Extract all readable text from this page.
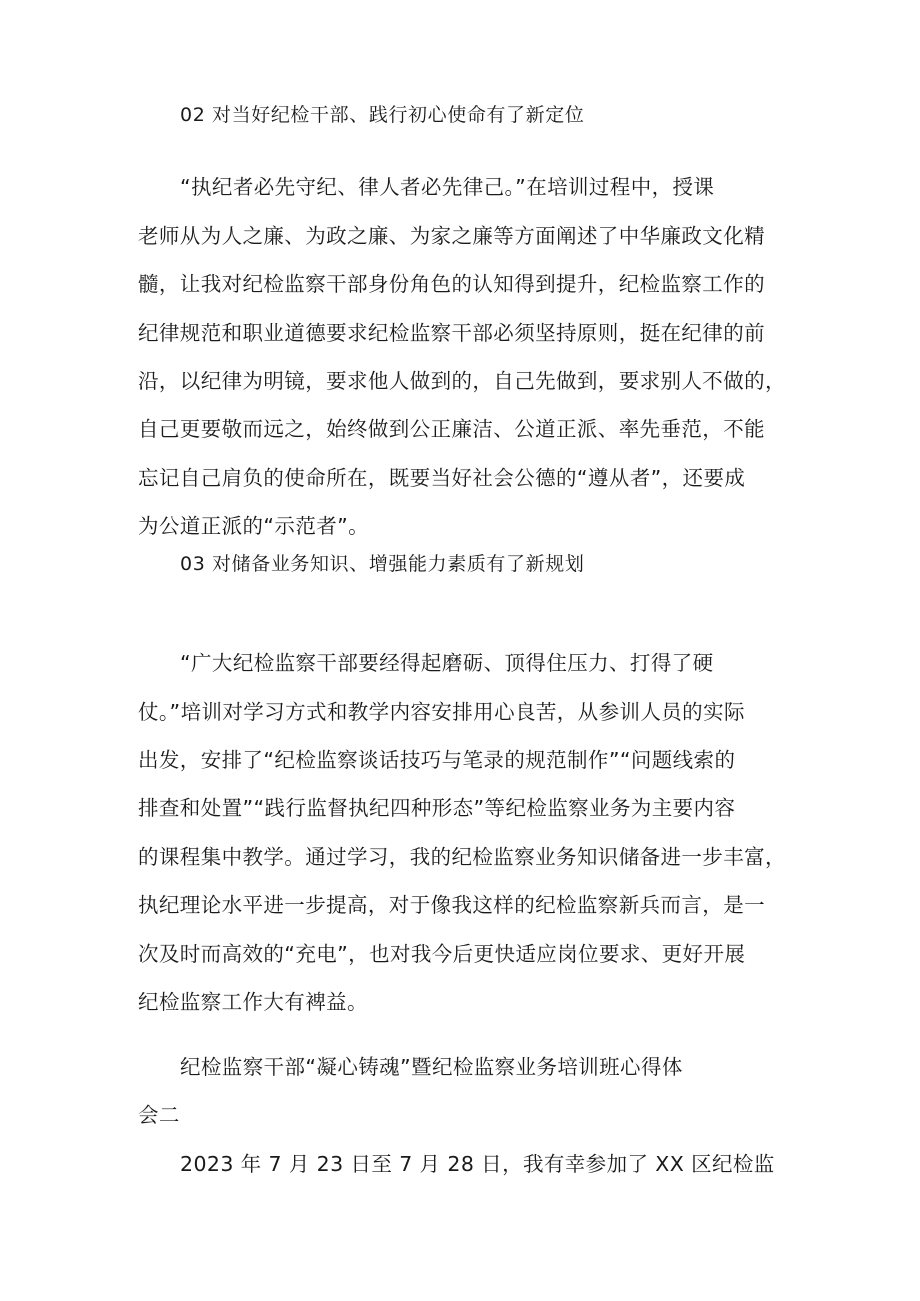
02 对当好纪检干部、践行初心使命有了新定位
“执纪者必先守纪、律人者必先律己。”在培训过程中，授课
老师从为人之廉、为政之廉、为家之廉等方面阐述了中华廉政文化精
髓，让我对纪检监察干部身份角色的认知得到提升，纪检监察工作的
纪律规范和职业道德要求纪检监察干部必须坚持原则，挺在纪律的前
沿，以纪律为明镜，要求他人做到的，自己先做到，要求别人不做的，
自己更要敬而远之，始终做到公正廉洁、公道正派、率先垂范，不能
忘记自己肩负的使命所在，既要当好社会公德的“遵从者”，还要成
为公道正派的“示范者”。
03 对储备业务知识、增强能力素质有了新规划
“广大纪检监察干部要经得起磨砺、顶得住压力、打得了硬
仗。”培训对学习方式和教学内容安排用心良苦，从参训人员的实际
出发，安排了“纪检监察谈话技巧与笔录的规范制作”“问题线索的
排查和处置”“践行监督执纪四种形态”等纪检监察业务为主要内容
的课程集中教学。通过学习，我的纪检监察业务知识储备进一步丰富，
执纪理论水平进一步提高，对于像我这样的纪检监察新兵而言，是一
次及时而高效的“充电”，也对我今后更快适应岗位要求、更好开展
纪检监察工作大有裨益。
纪检监察干部“凝心铸魂”暨纪检监察业务培训班心得体
会二
2023 年 7 月 23 日至 7 月 28 日，我有幸参加了 XX 区纪检监
